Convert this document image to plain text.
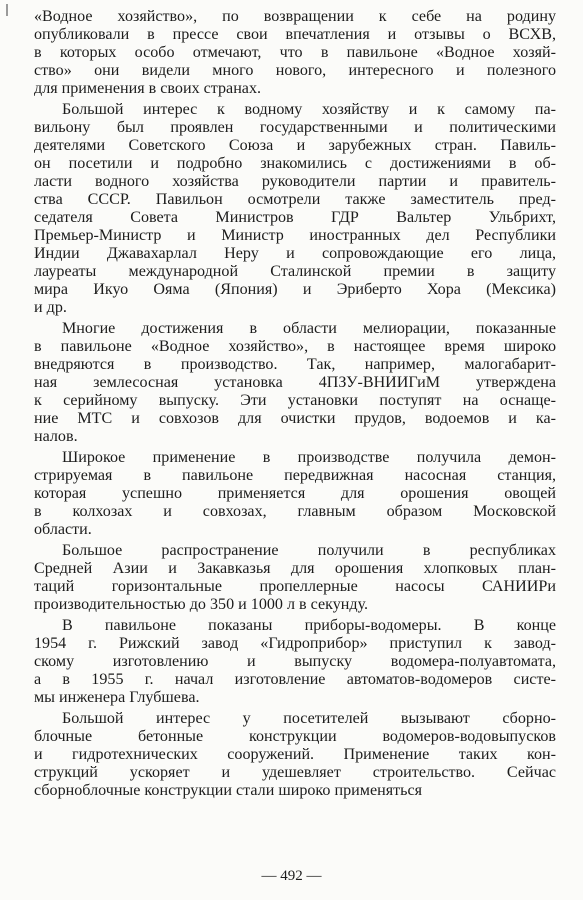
«Водное хозяйство», по возвращении к себе на родину
опубликовали в прессе свои впечатления и отзывы о ВСХВ,
в которых особо отмечают, что в павильоне «Водное хозяй-
ство» они видели много нового, интересного и полезного
для применения в своих странах.
Большой интерес к водному хозяйству и к самому па-
вильону был проявлен государственными и политическими
деятелями Советского Союза и зарубежных стран. Павиль-
он посетили и подробно знакомились с достижениями в об-
ласти водного хозяйства руководители партии и правитель-
ства СССР. Павильон осмотрели также заместитель пред-
седателя Совета Министров ГДР Вальтер Ульбрихт,
Премьер-Министр и Министр иностранных дел Республики
Индии Джавахарлал Неру и сопровождающие его лица,
лауреаты международной Сталинской премии в защиту
мира Икуо Ояма (Япония) и Эриберто Хора (Мексика)
и др.
Многие достижения в области мелиорации, показанные
в павильоне «Водное хозяйство», в настоящее время широко
внедряются в производство. Так, например, малогабарит-
ная землесосная установка 4ПЗУ-ВНИИГиМ утверждена
к серийному выпуску. Эти установки поступят на оснаще-
ние МТС и совхозов для очистки прудов, водоемов и ка-
налов.
Широкое применение в производстве получила демон-
стрируемая в павильоне передвижная насосная станция,
которая успешно применяется для орошения овощей
в колхозах и совхозах, главным образом Московской
области.
Большое распространение получили в республиках
Средней Азии и Закавказья для орошения хлопковых план-
таций горизонтальные пропеллерные насосы САНИИРи
производительностью до 350 и 1000 л в секунду.
В павильоне показаны приборы-водомеры. В конце
1954 г. Рижский завод «Гидроприбор» приступил к завод-
скому изготовлению и выпуску водомера-полуавтомата,
а в 1955 г. начал изготовление автоматов-водомеров систе-
мы инженера Глубшева.
Большой интерес у посетителей вызывают сборно-
блочные бетонные конструкции водомеров-водовыпусков
и гидротехнических сооружений. Применение таких кон-
струкций ускоряет и удешевляет строительство. Сейчас
сборноблочные конструкции стали широко применяться
— 492 —
